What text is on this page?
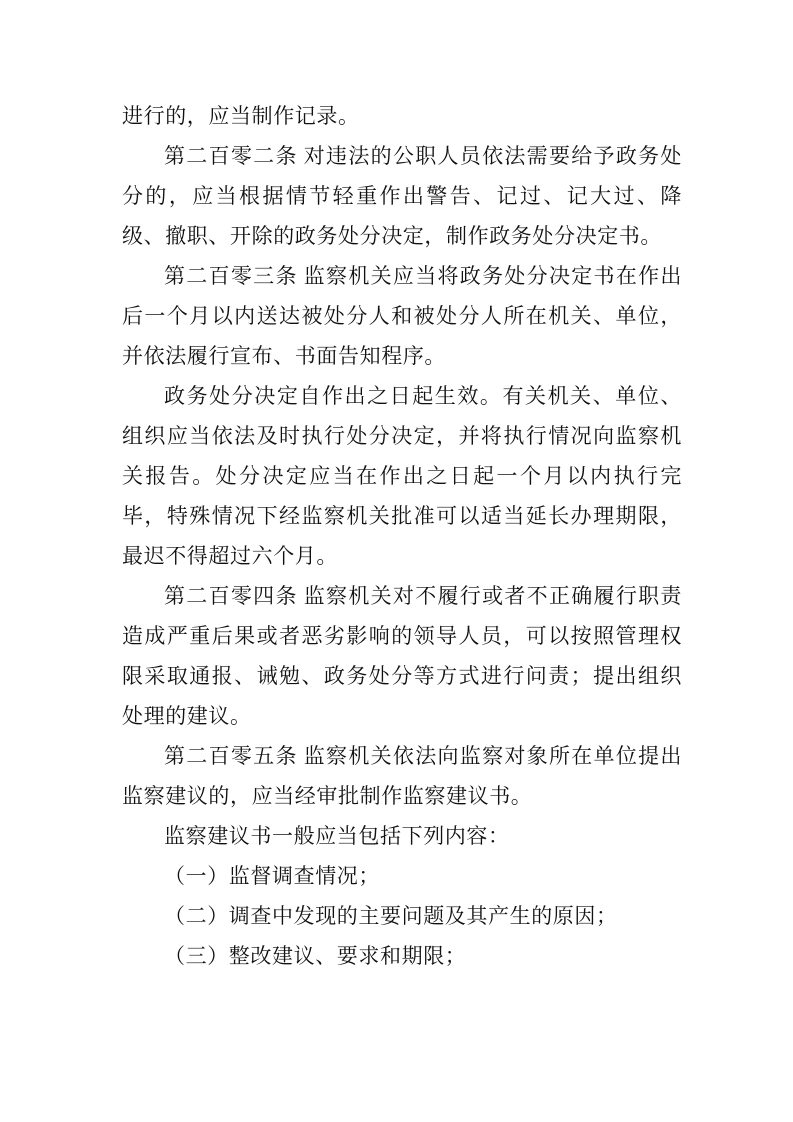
进行的，应当制作记录。

第二百零二条 对违法的公职人员依法需要给予政务处分的，应当根据情节轻重作出警告、记过、记大过、降级、撤职、开除的政务处分决定，制作政务处分决定书。

第二百零三条 监察机关应当将政务处分决定书在作出后一个月以内送达被处分人和被处分人所在机关、单位，并依法履行宣布、书面告知程序。

政务处分决定自作出之日起生效。有关机关、单位、组织应当依法及时执行处分决定，并将执行情况向监察机关报告。处分决定应当在作出之日起一个月以内执行完毕，特殊情况下经监察机关批准可以适当延长办理期限，最迟不得超过六个月。

第二百零四条 监察机关对不履行或者不正确履行职责造成严重后果或者恶劣影响的领导人员，可以按照管理权限采取通报、诫勉、政务处分等方式进行问责；提出组织处理的建议。

第二百零五条 监察机关依法向监察对象所在单位提出监察建议的，应当经审批制作监察建议书。

监察建议书一般应当包括下列内容：

（一）监督调查情况；

（二）调查中发现的主要问题及其产生的原因；

（三）整改建议、要求和期限；
